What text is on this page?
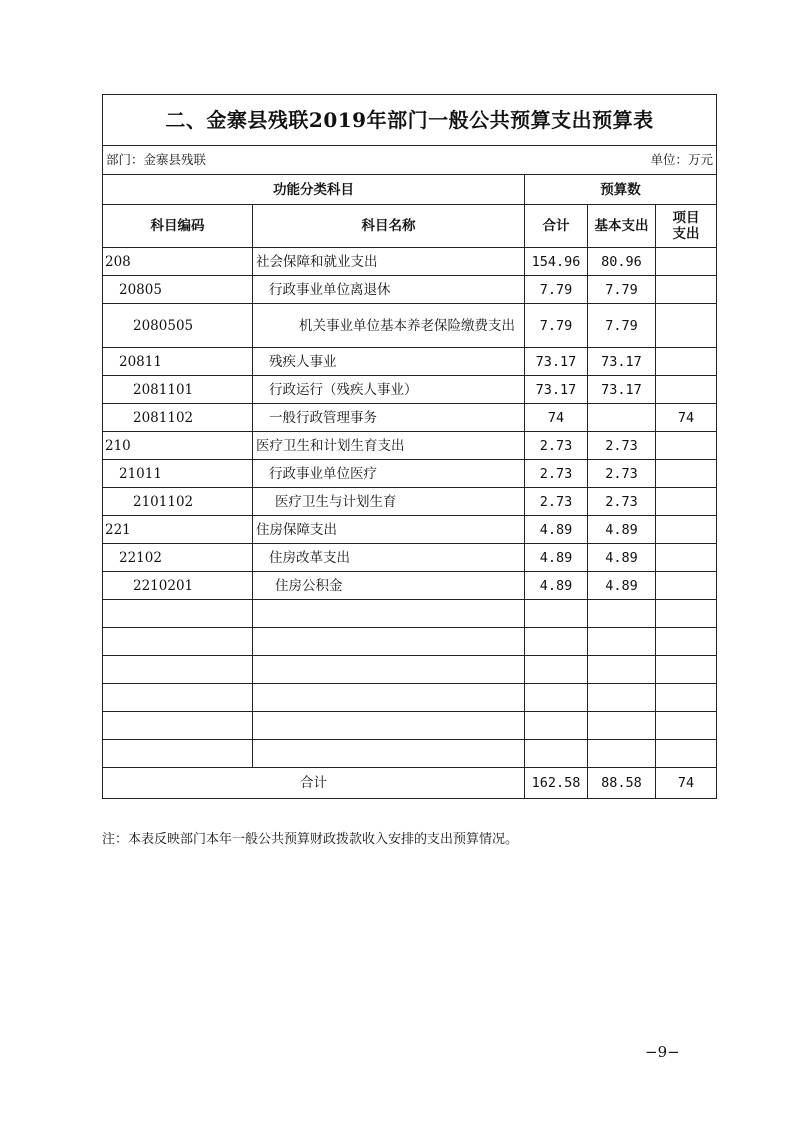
二、金寨县残联2019年部门一般公共预算支出预算表				
部门：金寨县残联			单位：万元	
功能分类科目		预算数		
科目编码	科目名称	合计	基本支出	项目支出
208	社会保障和就业支出	154.96	80.96	
20805	行政事业单位离退休	7.79	7.79	
2080505	机关事业单位基本养老保险缴费支出	7.79	7.79	
20811	残疾人事业	73.17	73.17	
2081101	行政运行（残疾人事业）	73.17	73.17	
2081102	一般行政管理事务	74		74
210	医疗卫生和计划生育支出	2.73	2.73	
21011	行政事业单位医疗	2.73	2.73	
2101102	医疗卫生与计划生育	2.73	2.73	
221	住房保障支出	4.89	4.89	
22102	住房改革支出	4.89	4.89	
2210201	住房公积金	4.89	4.89	

合计		162.58	88.58	74
注：本表反映部门本年一般公共预算财政拨款收入安排的支出预算情况。
−9−
